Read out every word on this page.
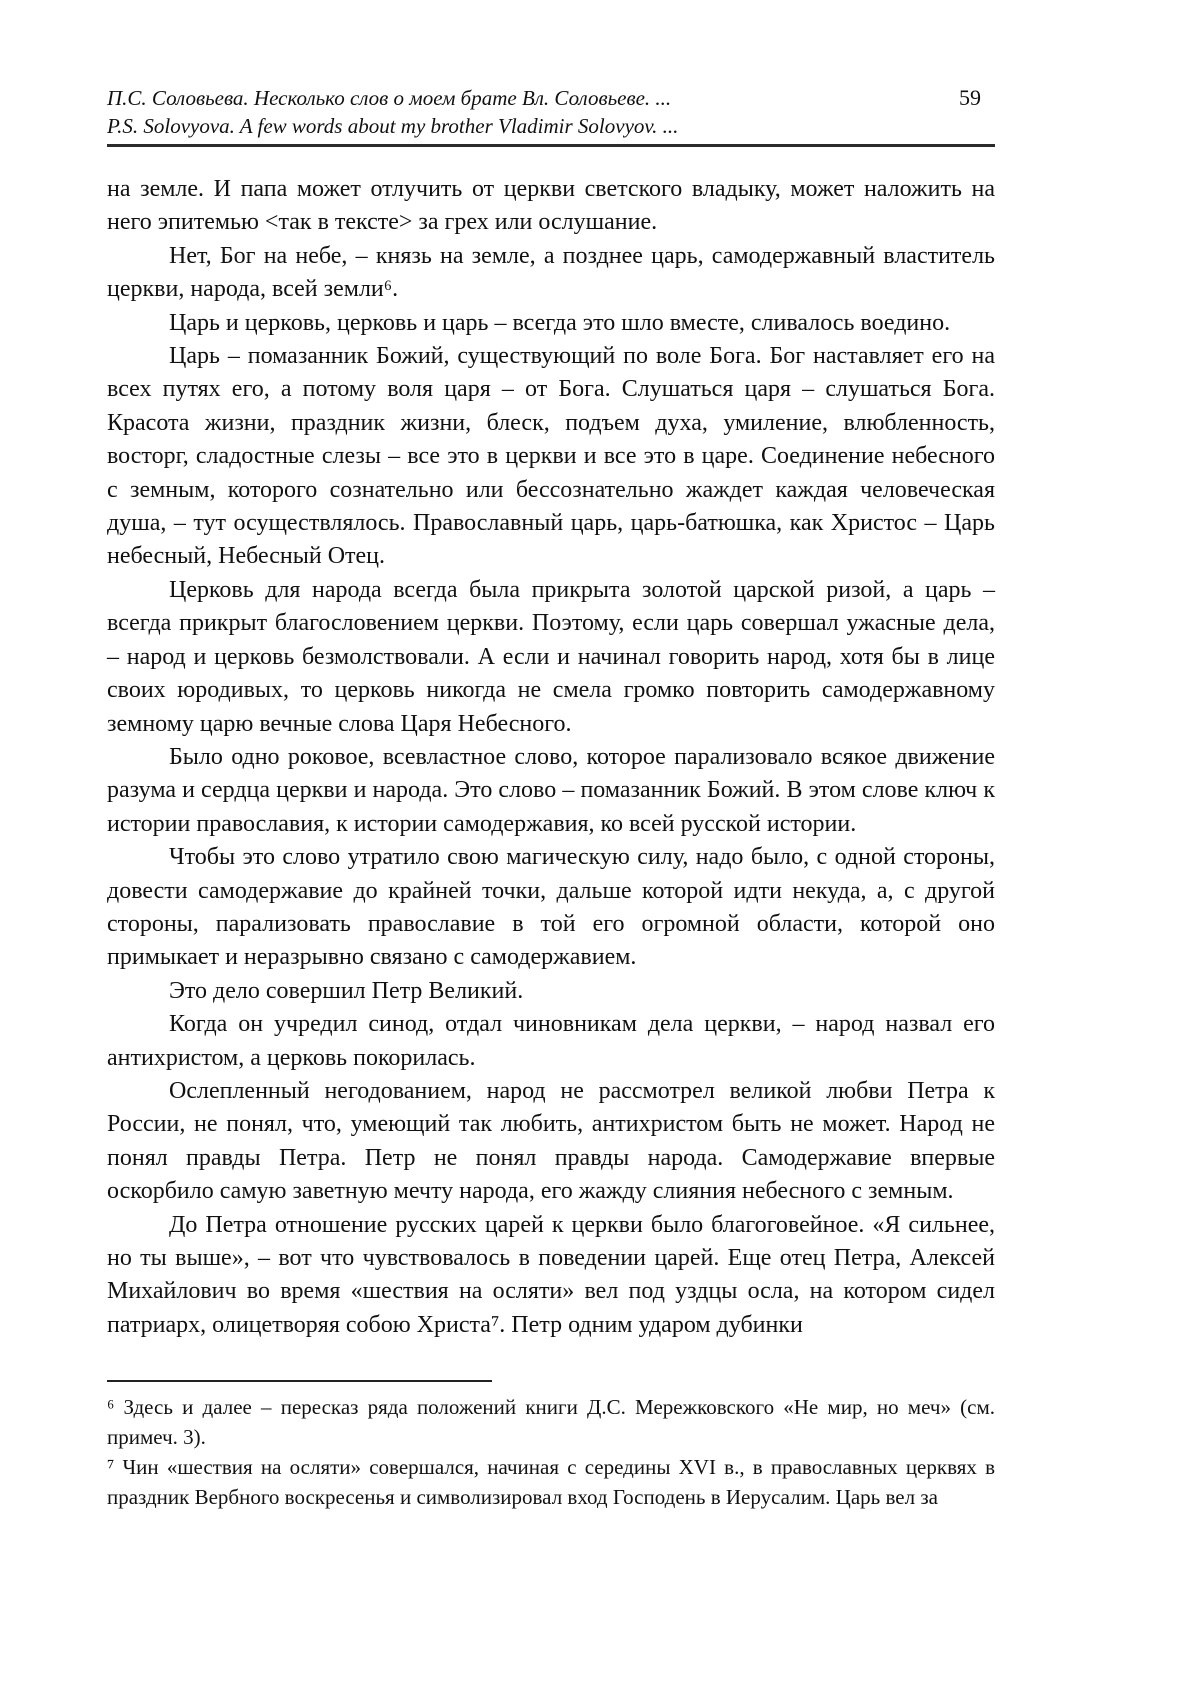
П.С. Соловьева. Несколько слов о моем брате Вл. Соловьеве. ...
P.S. Solovyova. A few words about my brother Vladimir Solovyov. ...
59

на земле. И папа может отлучить от церкви светского владыку, может наложить на него эпитемью <так в тексте> за грех или ослушание.

Нет, Бог на небе, – князь на земле, а позднее царь, самодержавный властитель церкви, народа, всей земли⁶.

Царь и церковь, церковь и царь – всегда это шло вместе, сливалось воедино.

Царь – помазанник Божий, существующий по воле Бога. Бог наставляет его на всех путях его, а потому воля царя – от Бога. Слушаться царя – слушаться Бога. Красота жизни, праздник жизни, блеск, подъем духа, умиление, влюбленность, восторг, сладостные слезы – все это в церкви и все это в царе. Соединение небесного с земным, которого сознательно или бессознательно жаждет каждая человеческая душа, – тут осуществлялось. Православный царь, царь-батюшка, как Христос – Царь небесный, Небесный Отец.

Церковь для народа всегда была прикрыта золотой царской ризой, а царь – всегда прикрыт благословением церкви. Поэтому, если царь совершал ужасные дела, – народ и церковь безмолствовали. А если и начинал говорить народ, хотя бы в лице своих юродивых, то церковь никогда не смела громко повторить самодержавному земному царю вечные слова Царя Небесного.

Было одно роковое, всевластное слово, которое парализовало всякое движение разума и сердца церкви и народа. Это слово – помазанник Божий. В этом слове ключ к истории православия, к истории самодержавия, ко всей русской истории.

Чтобы это слово утратило свою магическую силу, надо было, с одной стороны, довести самодержавие до крайней точки, дальше которой идти некуда, а, с другой стороны, парализовать православие в той его огромной области, которой оно примыкает и неразрывно связано с самодержавием.

Это дело совершил Петр Великий.

Когда он учредил синод, отдал чиновникам дела церкви, – народ назвал его антихристом, а церковь покорилась.

Ослепленный негодованием, народ не рассмотрел великой любви Петра к России, не понял, что, умеющий так любить, антихристом быть не может. Народ не понял правды Петра. Петр не понял правды народа. Самодержавие впервые оскорбило самую заветную мечту народа, его жажду слияния небесного с земным.

До Петра отношение русских царей к церкви было благоговейное. «Я сильнее, но ты выше», – вот что чувствовалось в поведении царей. Еще отец Петра, Алексей Михайлович во время «шествия на осляти» вел под уздцы осла, на котором сидел патриарх, олицетворяя собою Христа⁷. Петр одним ударом дубинки

⁶ Здесь и далее – пересказ ряда положений книги Д.С. Мережковского «Не мир, но меч» (см. примеч. 3).

⁷ Чин «шествия на осляти» совершался, начиная с середины XVI в., в православных церквях в праздник Вербного воскресенья и символизировал вход Господень в Иерусалим. Царь вел за
